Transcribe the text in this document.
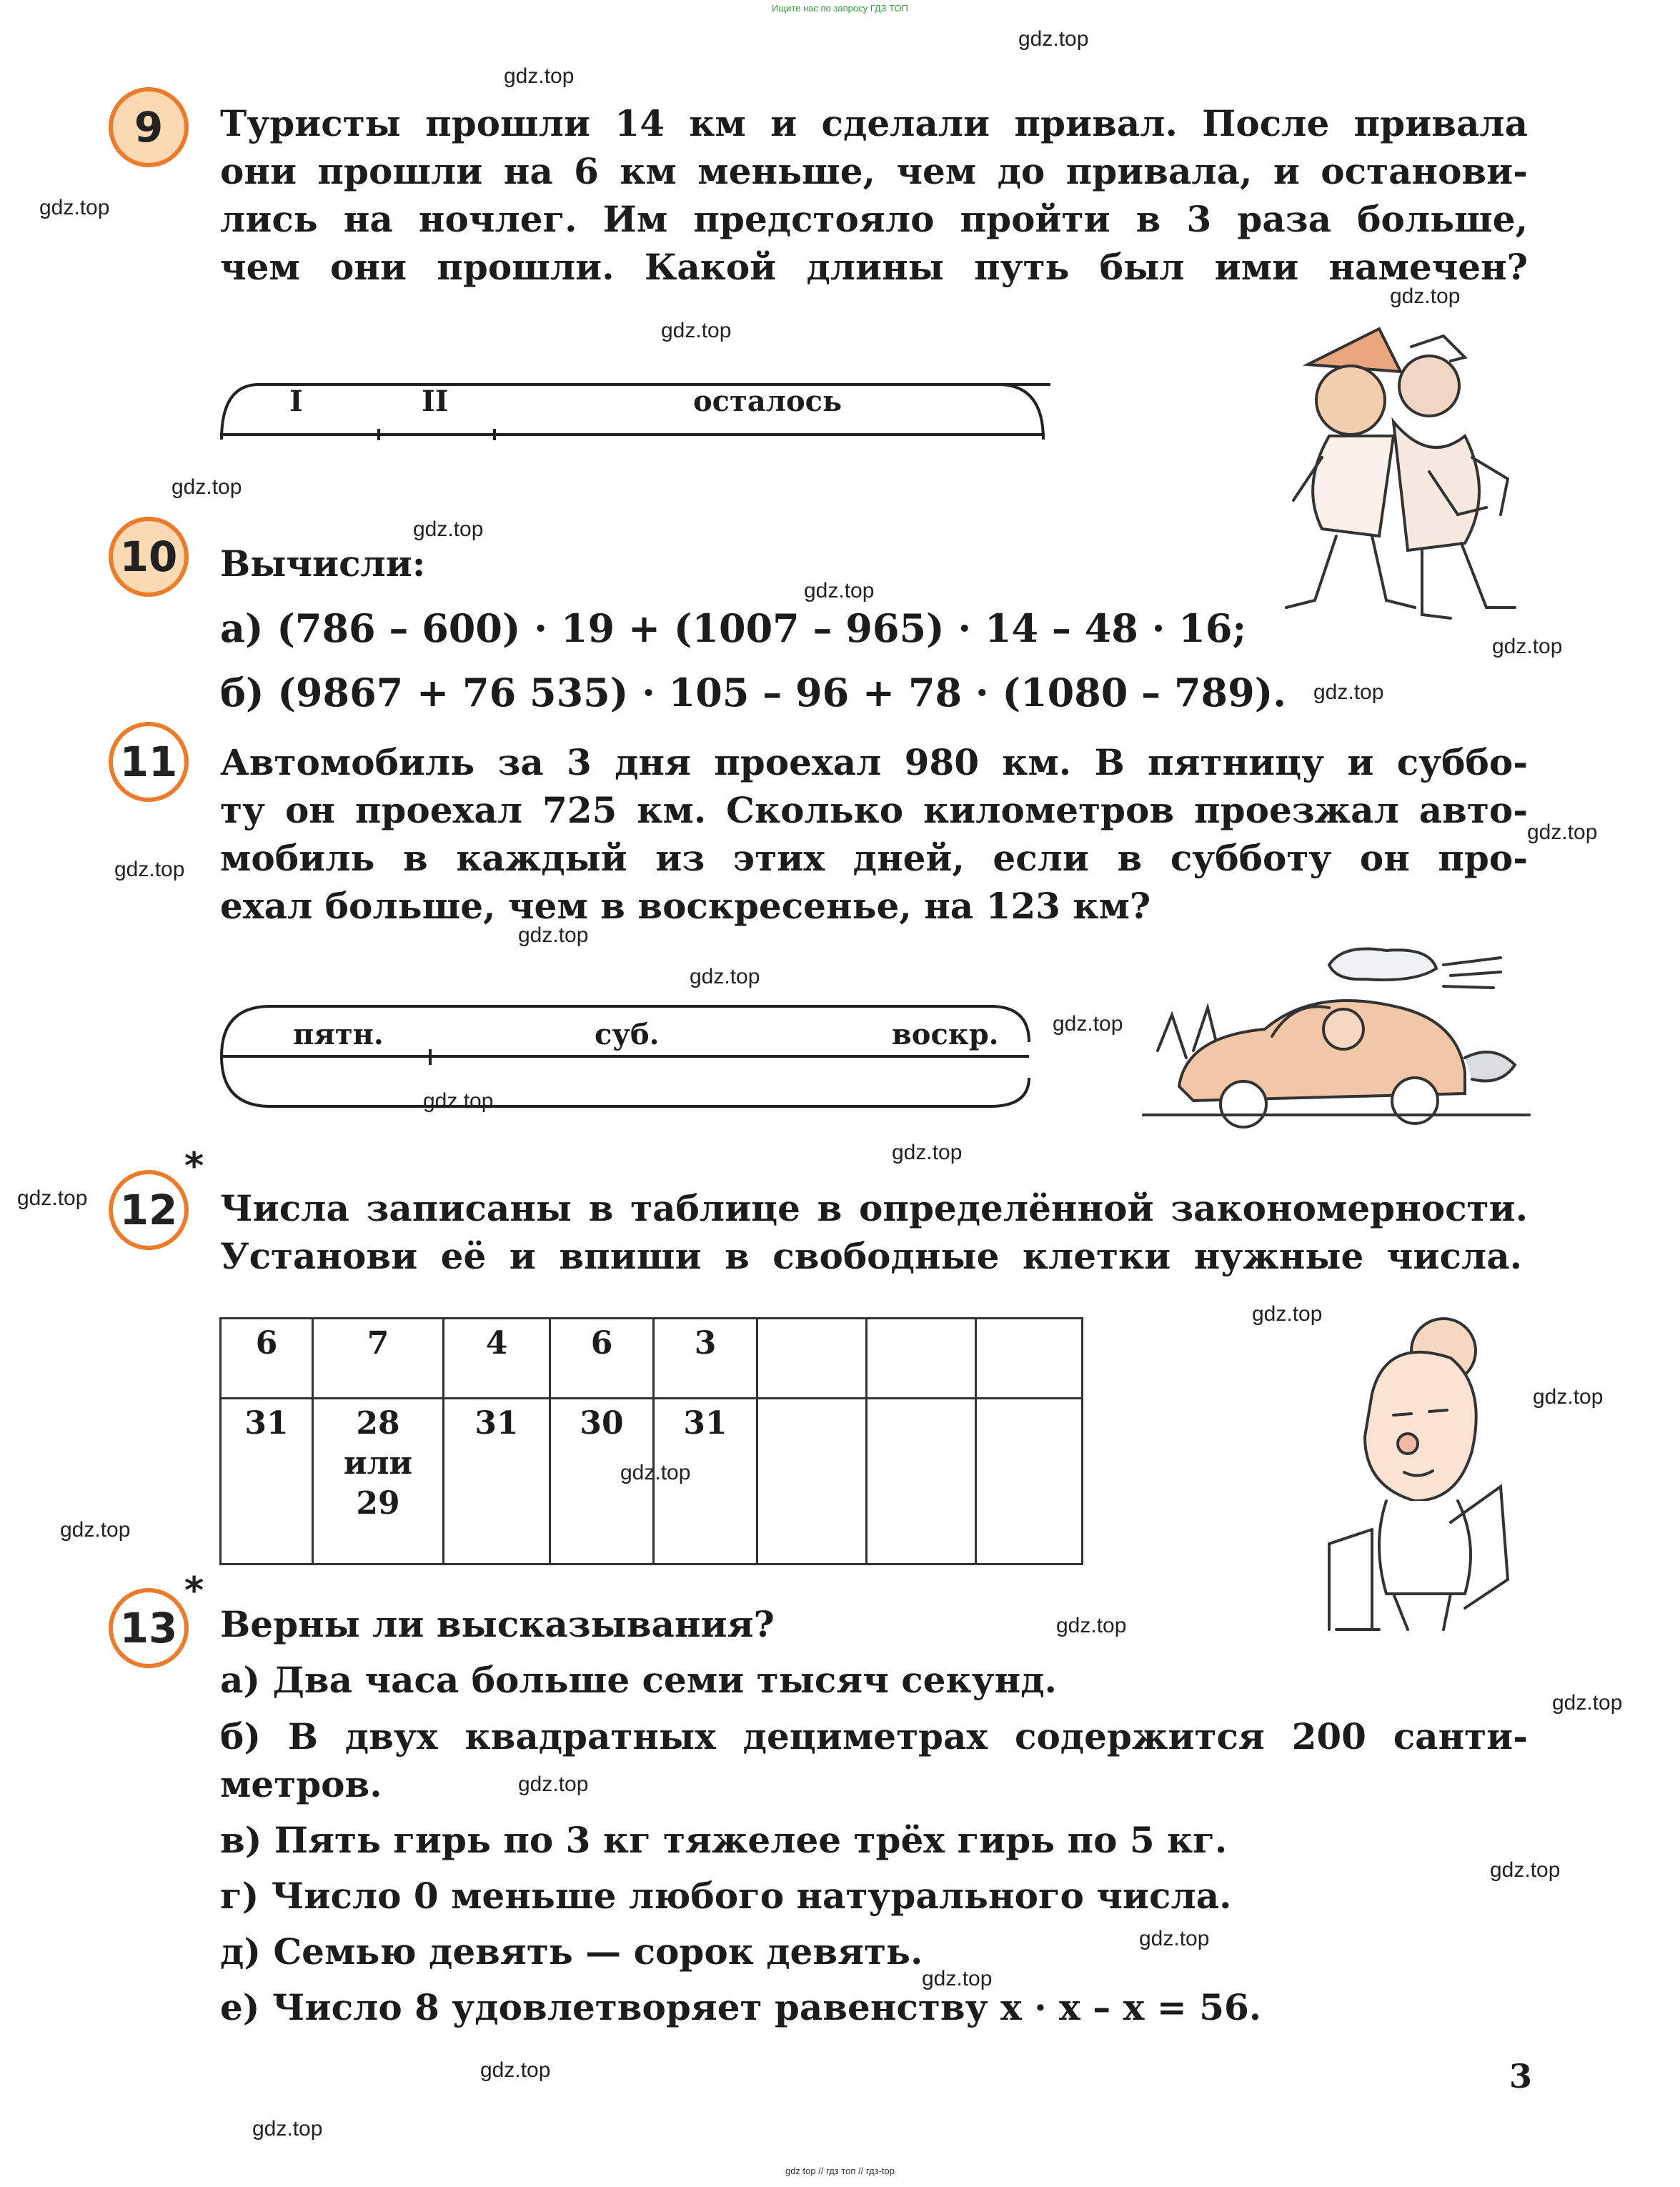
Ищите нас по запросу ГДЗ ТОП
gdz top // гдз топ // гдз-top
gdz.top
gdz.top
gdz.top
gdz.top
gdz.top
gdz.top
gdz.top
gdz.top
gdz.top
gdz.top
gdz.top
gdz.top
gdz.top
gdz.top
gdz.top
gdz.top
gdz.top
gdz.top
gdz.top
gdz.top
gdz.top
gdz.top
gdz.top
gdz.top
gdz.top
gdz.top
gdz.top
gdz.top
gdz.top
gdz.top
9	Туристы прошли 14 км и сделали привал. После привала
они прошли на 6 км меньше, чем до привала, и останови-
лись на ночлег. Им предстояло пройти в 3 раза больше,
чем они прошли. Какой длины путь был ими намечен?
I	II	осталось
10	Вычисли:
а) (786 – 600) · 19 + (1007 – 965) · 14 – 48 · 16;
б) (9867 + 76 535) · 105 – 96 + 78 · (1080 – 789).
11	Автомобиль за 3 дня проехал 980 км. В пятницу и суббо-
ту он проехал 725 км. Сколько километров проезжал авто-
мобиль в каждый из этих дней, если в субботу он про-
ехал больше, чем в воскресенье, на 123 км?
пятн.	суб.	воскр.
*
12	Числа записаны в таблице в определённой закономерности.
Установи её и впиши в свободные клетки нужные числа.
6	7	4	6	3			
31	28
или
29	31	30	31			
*
13	Верны ли высказывания?
а) Два часа больше семи тысяч секунд.
б) В двух квадратных дециметрах содержится 200 санти-
метров.
в) Пять гирь по 3 кг тяжелее трёх гирь по 5 кг.
г) Число 0 меньше любого натурального числа.
д) Семью девять — сорок девять.
е) Число 8 удовлетворяет равенству x · x – x = 56.
3
